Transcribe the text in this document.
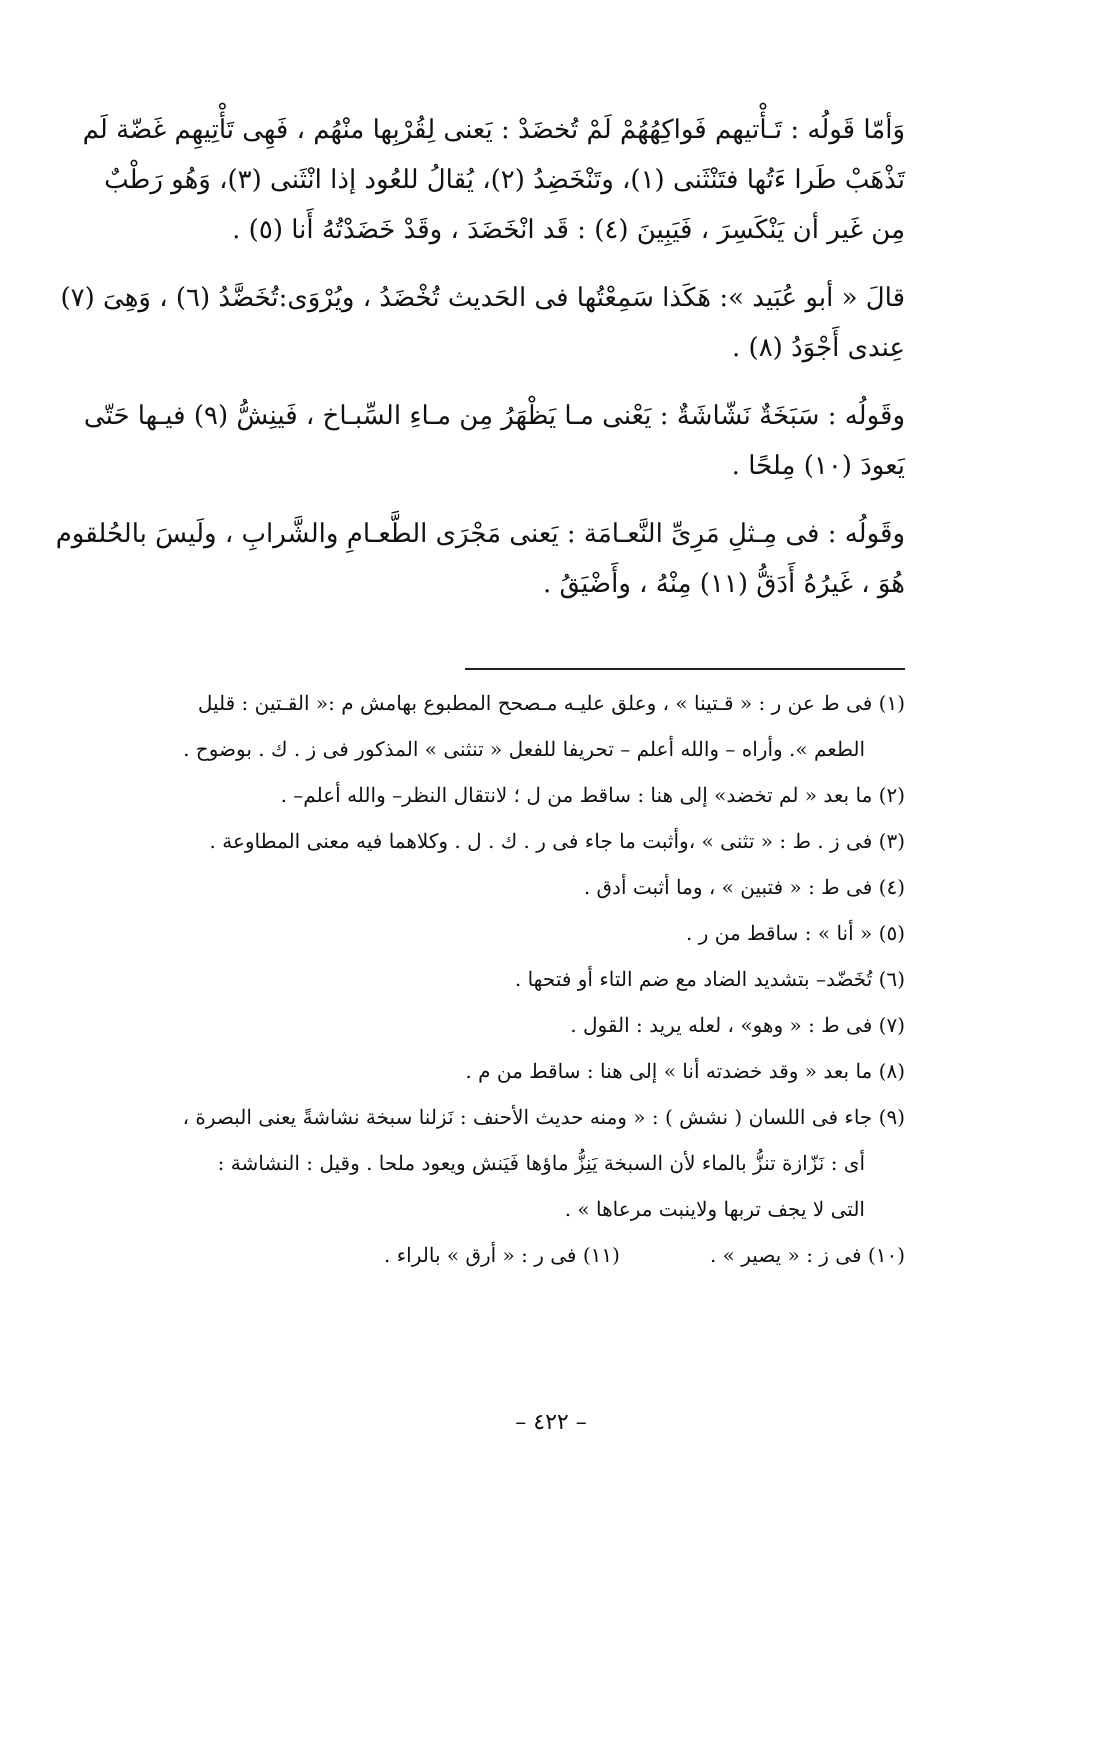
وَأمّا قَولُه : تَـأْتيهم فَواكِهُهُمْ لَمْ تُخضَدْ : يَعنى لِقُرْبِها منْهُم ، فَهِى تَأْتِيهِم غَضّة لَم
تَذْهَبْ طَرا ءَتُها فتَنْثَنى (١)، وتَنْخَضِدُ (٢)، يُقالُ للعُود إذا انْثَنى (٣)، وَهُو رَطْبٌ
مِن غَير أن يَنْكَسِرَ ، فَيَبِينَ (٤) : قَد انْخَضَدَ ، وقَدْ خَضَدْتُهُ أَنا (٥) .
قالَ « أبو عُبَيد »: هَكَذا سَمِعْتُها فى الحَديث تُخْضَدُ ، ويُرْوَى:تُخَضَّدُ (٦) ، وَهِىَ (٧)
عِندى أَجْوَدُ (٨) .
وقَولُه : سَبَخَةٌ نَشّاشَةٌ : يَعْنى مـا يَظْهَرُ مِن مـاءِ السِّبـاخ ، فَينِشُّ (٩) فيـها حَتّى
يَعودَ (١٠) مِلحًا .
وقَولُه : فى مِـثلِ مَرِىِّ النَّعـامَة : يَعنى مَجْرَى الطَّعـامِ والشَّرابِ ، ولَيسَ بالحُلقوم
هُوَ ، غَيرُهُ أَدَقُّ (١١) مِنْهُ ، وأَضْيَقُ .
(١) فى ط عن ر : « قـتينا » ، وعلق عليـه مـصحح المطبوع بهامش م :« القـتين : قليل
الطعم ». وأراه – والله أعلم – تحريفا للفعل « تنثنى » المذكور فى ز . ك . بوضوح .
(٢) ما بعد « لم تخضد» إلى هنا : ساقط من ل ؛ لانتقال النظر– والله أعلم– .
(٣) فى ز . ط : « تثنى » ،وأثبت ما جاء فى ر . ك . ل . وكلاهما فيه معنى المطاوعة .
(٤) فى ط : « فتبين » ، وما أثبت أدق .
(٥) « أنا » : ساقط من ر .
(٦) تُخَضّد– بتشديد الضاد مع ضم التاء أو فتحها .
(٧) فى ط : « وهو» ، لعله يريد : القول .
(٨) ما بعد « وقد خضدته أنا » إلى هنا : ساقط من م .
(٩) جاء فى اللسان ( نشش ) : « ومنه حديث الأحنف : نَزلنا سبخة نشاشةً يعنى البصرة ،
أى : نَزّازة تنزُّ بالماء لأن السبخة يَنِزُّ ماؤها فَيَنش ويعود ملحا . وقيل : النشاشة :
التى لا يجف تربها ولاينبت مرعاها » .
(١٠) فى ز : « يصير » .
(١١) فى ر : « أرق » بالراء .
– ٤٢٢ –
